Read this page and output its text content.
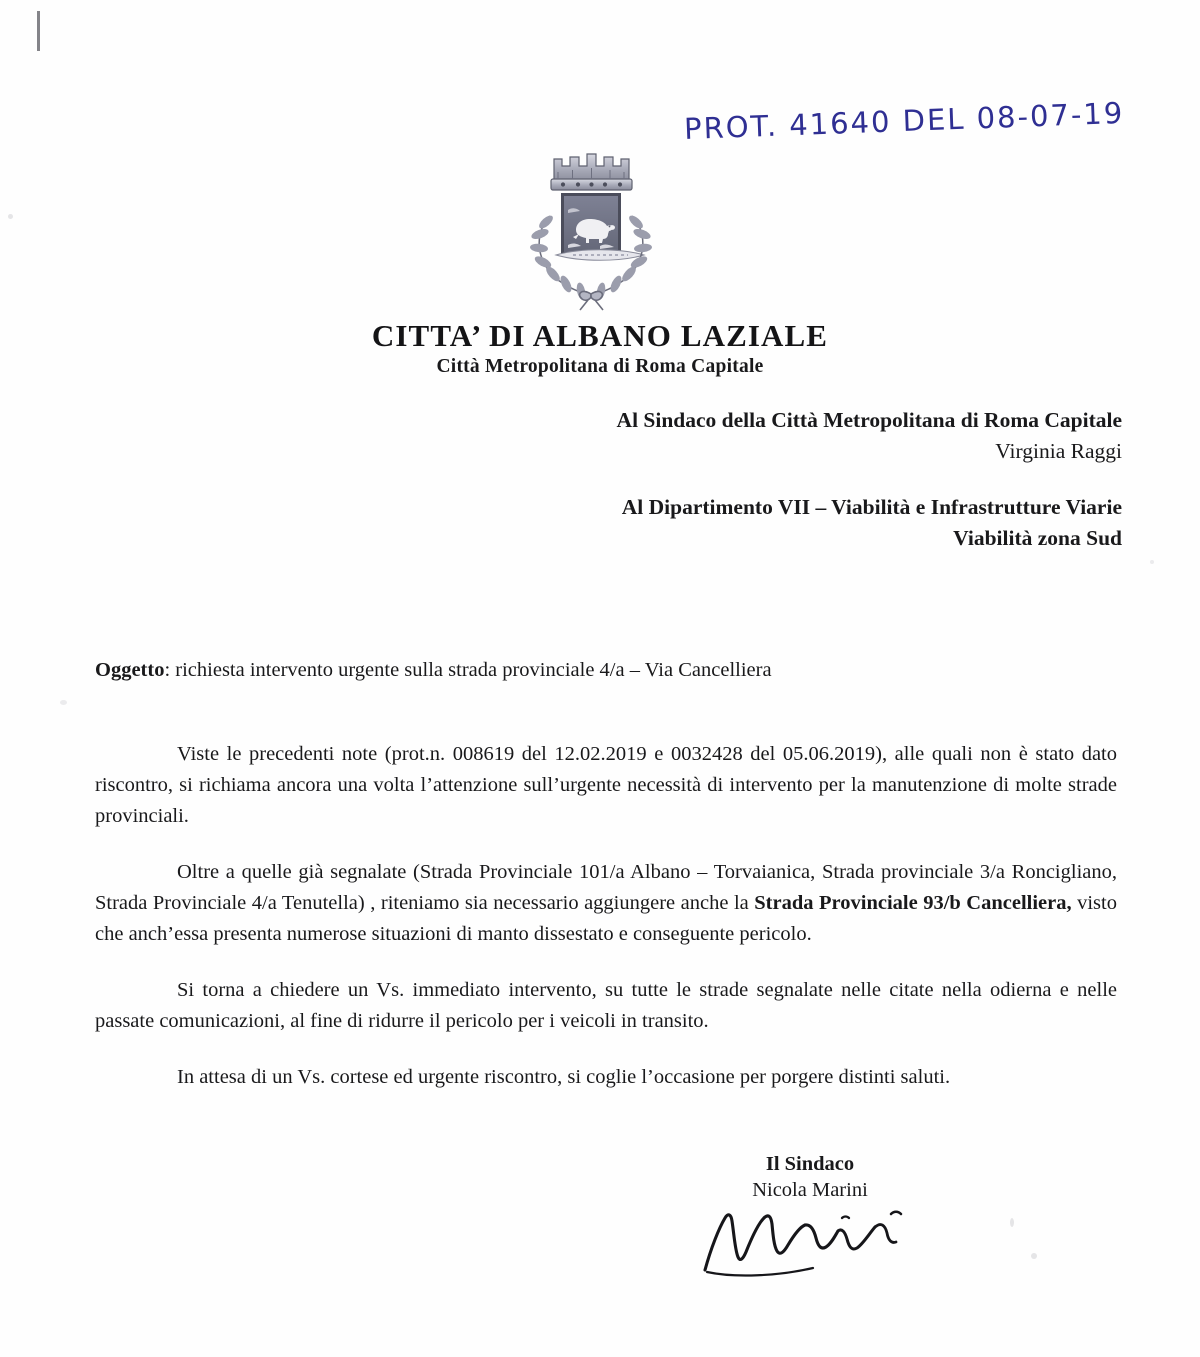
PROT. 41640 DEL 08-07-19
CITTA’ DI ALBANO LAZIALE
Città Metropolitana di Roma Capitale
Al Sindaco della Città Metropolitana di Roma Capitale
Virginia Raggi
Al Dipartimento VII – Viabilità e Infrastrutture Viarie
Viabilità zona Sud
Oggetto: richiesta intervento urgente sulla strada provinciale 4/a – Via Cancelliera

Viste le precedenti note (prot.n. 008619 del 12.02.2019 e 0032428 del 05.06.2019), alle quali non è stato dato riscontro, si richiama ancora una volta l’attenzione sull’urgente necessità di intervento per la manutenzione di molte strade provinciali.

Oltre a quelle già segnalate (Strada Provinciale 101/a Albano – Torvaianica, Strada provinciale 3/a Roncigliano, Strada Provinciale 4/a Tenutella) , riteniamo sia necessario aggiungere anche la Strada Provinciale 93/b Cancelliera, visto che anch’essa presenta numerose situazioni di manto dissestato e conseguente pericolo.

Si torna a chiedere un Vs. immediato intervento, su tutte le strade segnalate nelle citate nella odierna e nelle passate comunicazioni, al fine di ridurre il pericolo per i veicoli in transito.

In attesa di un Vs. cortese ed urgente riscontro, si coglie l’occasione per porgere distinti saluti.

Il Sindaco
Nicola Marini
